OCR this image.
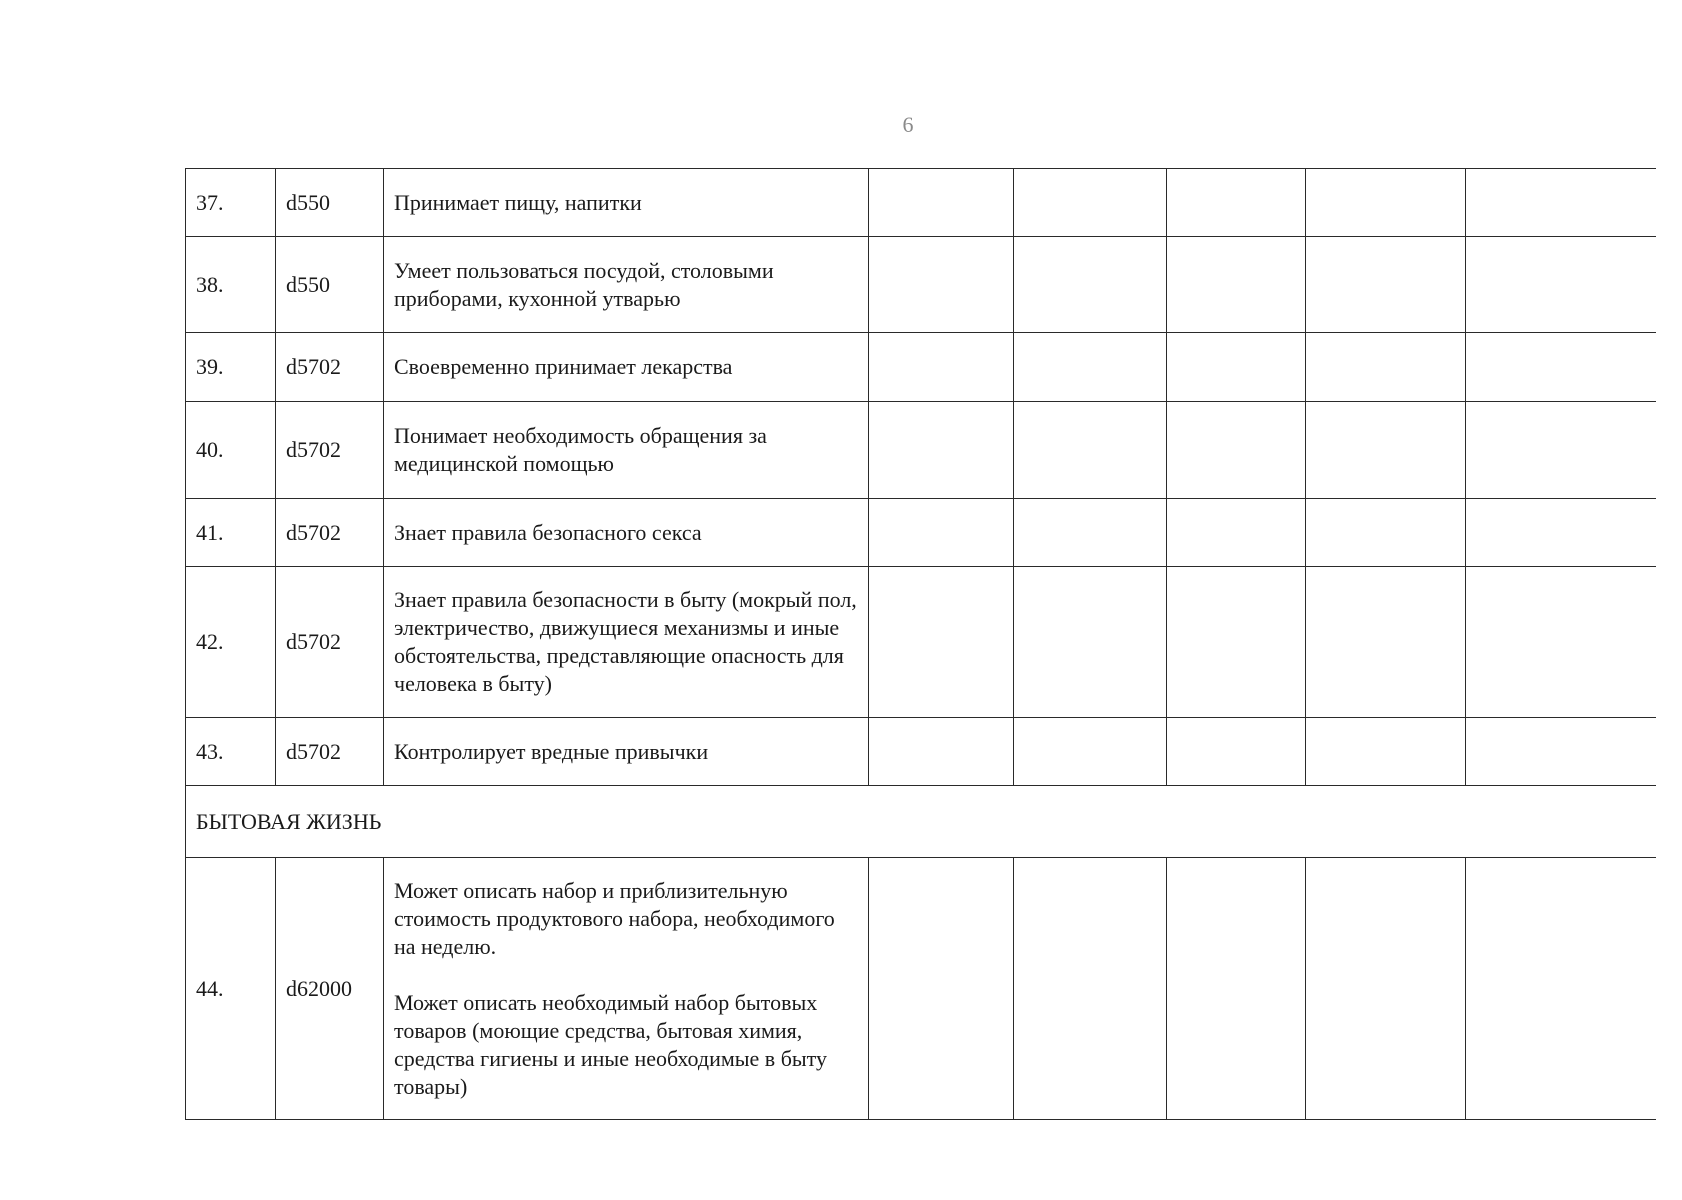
6
37.	d550	Принимает пищу, напитки					

38.	d550	Умеет пользоваться посудой, столовыми приборами, кухонной утварью					

39.	d5702	Своевременно принимает лекарства					

40.	d5702	Понимает необходимость обращения за медицинской помощью					

41.	d5702	Знает правила безопасного секса					

42.	d5702	Знает правила безопасности в быту (мокрый пол, электричество, движущиеся механизмы и иные обстоятельства, представляющие опасность для человека в быту)					

43.	d5702	Контролирует вредные привычки					

БЫТОВАЯ ЖИЗНЬ							
44.	d62000	Может описать набор и приблизительную стоимость продуктового набора, необходимого на неделю.

Может описать необходимый набор бытовых товаров (моющие средства, бытовая химия, средства гигиены и иные необходимые в быту товары)					
